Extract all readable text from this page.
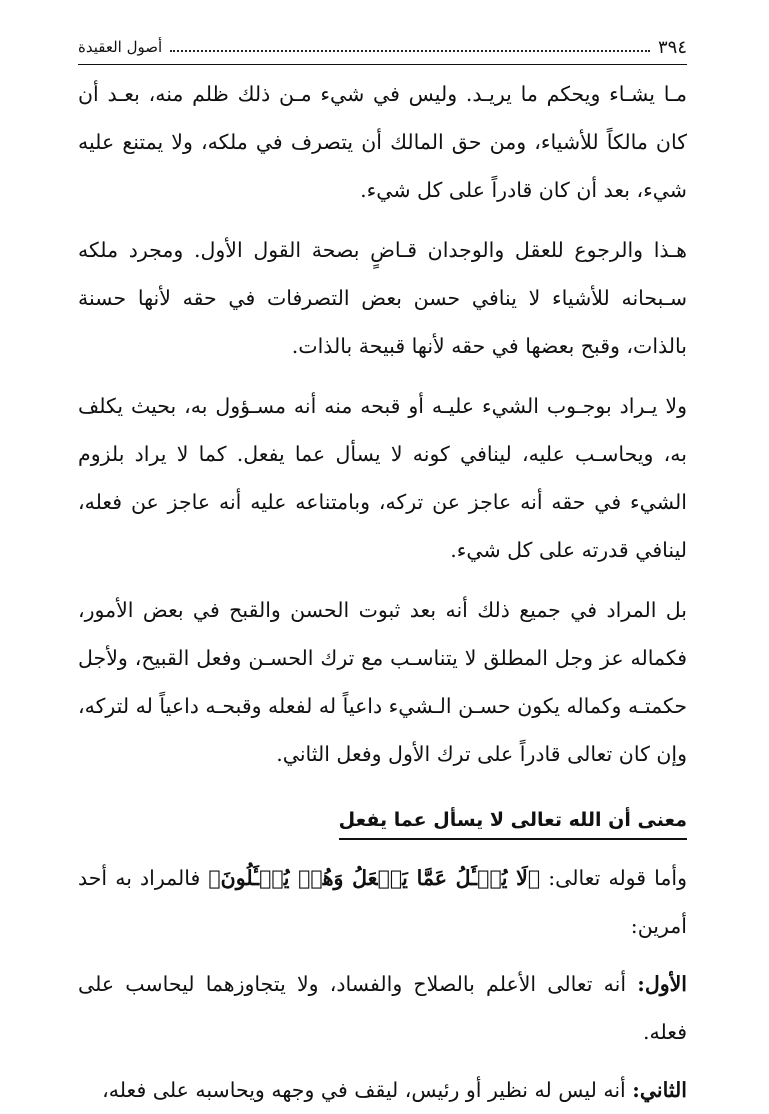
٣٩٤
أصول العقيدة

مـا يشـاء ويحكم ما يريـد. وليس في شيء مـن ذلك ظلم منه، بعـد أن كان مالكاً للأشياء، ومن حق المالك أن يتصرف في ملكه، ولا يمتنع عليه شيء، بعد أن كان قادراً على كل شيء.

هـذا والرجوع للعقل والوجدان قـاضٍ بصحة القول الأول. ومجرد ملكه سـبحانه للأشياء لا ينافي حسن بعض التصرفات في حقه لأنها حسنة بالذات، وقبح بعضها في حقه لأنها قبيحة بالذات.

ولا يـراد بوجـوب الشيء عليـه أو قبحه منه أنه مسـؤول به، بحيث يكلف به، ويحاسـب عليه، لينافي كونه لا يسأل عما يفعل. كما لا يراد بلزوم الشيء في حقه أنه عاجز عن تركه، وبامتناعه عليه أنه عاجز عن فعله، لينافي قدرته على كل شيء.

بل المراد في جميع ذلك أنه بعد ثبوت الحسن والقبح في بعض الأمور، فكماله عز وجل المطلق لا يتناسـب مع ترك الحسـن وفعل القبيح، ولأجل حكمتـه وكماله يكون حسـن الـشيء داعياً له لفعله وقبحـه داعياً له لتركه، وإن كان تعالى قادراً على ترك الأول وفعل الثاني.

معنى أن الله تعالى لا يسأل عما يفعل

وأما قوله تعالى: ﴿لَا يُسۡـَٔلُ عَمَّا يَفۡعَلُ وَهُمۡ يُسۡـَٔلُونَ﴾ فالمراد به أحد أمرين:

الأول: أنه تعالى الأعلم بالصلاح والفساد، ولا يتجاوزهما ليحاسب على فعله.

الثاني: أنه ليس له نظير أو رئيس، ليقف في وجهه ويحاسبه على فعله،
